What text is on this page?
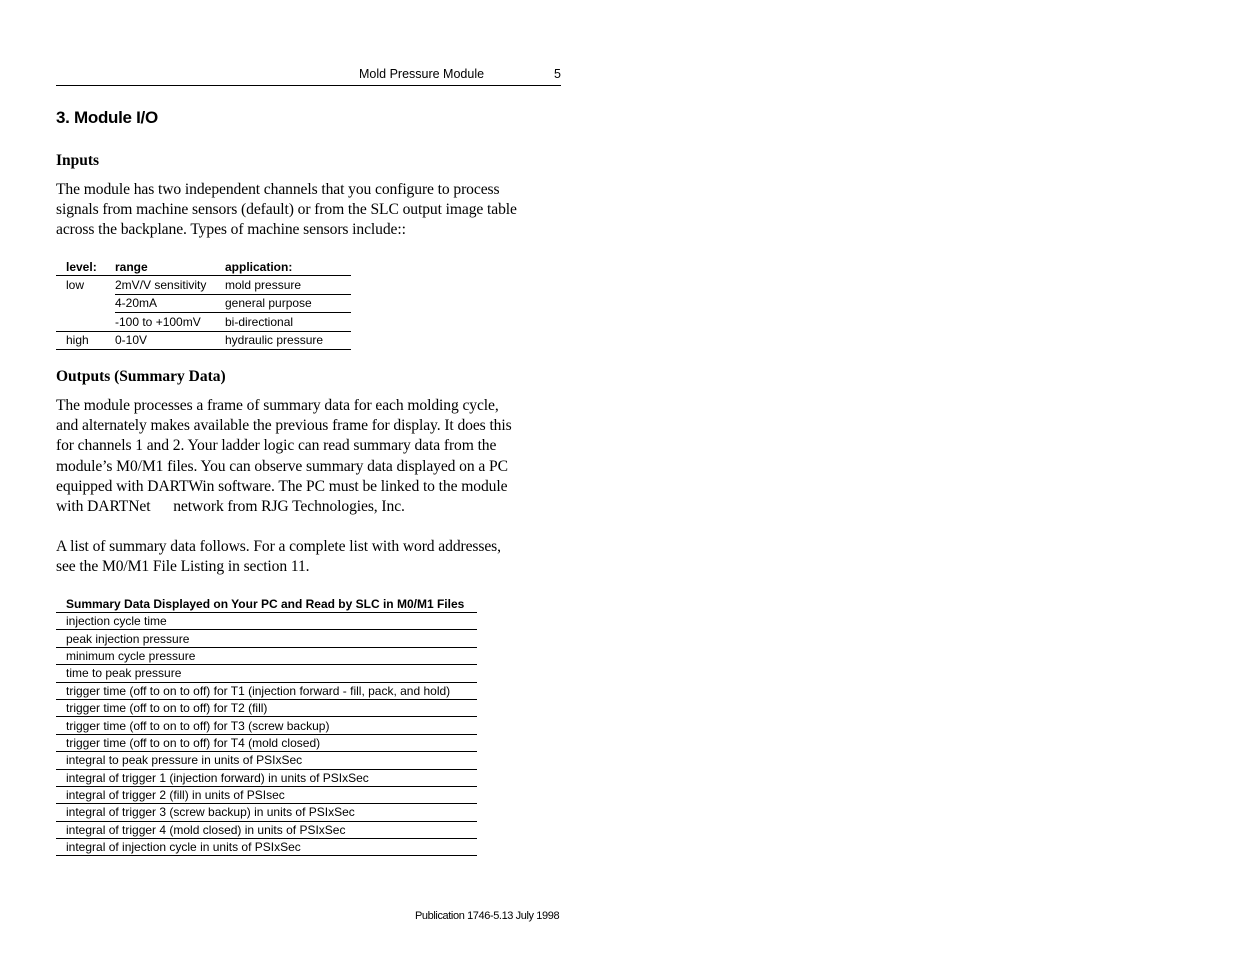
Mold Pressure Module	5
3. Module I/O
Inputs

The module has two independent channels that you configure to process

signals from machine sensors (default) or from the SLC output image table

across the backplane. Types of machine sensors include::

level:	range	application:
low	2mV/V sensitivity	mold pressure
	4-20mA	general purpose
	-100 to +100mV	bi-directional
high	0-10V	hydraulic pressure
Outputs (Summary Data)

The module processes a frame of summary data for each molding cycle,

and alternately makes available the previous frame for display. It does this

for channels 1 and 2. Your ladder logic can read summary data from the

module’s M0/M1 files. You can observe summary data displayed on a PC

equipped with DARTWin software. The PC must be linked to the module

with DARTNet      network from RJG Technologies, Inc.

A list of summary data follows. For a complete list with word addresses,

see the M0/M1 File Listing in section 11.

Summary Data Displayed on Your PC and Read by SLC in M0/M1 Files
injection cycle time
peak injection pressure
minimum cycle pressure
time to peak pressure
trigger time (off to on to off) for T1 (injection forward - fill, pack, and hold)
trigger time (off to on to off) for T2 (fill)
trigger time (off to on to off) for T3 (screw backup)
trigger time (off to on to off) for T4 (mold closed)
integral to peak pressure in units of PSIxSec
integral of trigger 1 (injection forward) in units of PSIxSec
integral of trigger 2 (fill) in units of PSIsec
integral of trigger 3 (screw backup) in units of PSIxSec
integral of trigger 4 (mold closed) in units of PSIxSec
integral of injection cycle in units of PSIxSec
Publication 1746-5.13 July 1998
